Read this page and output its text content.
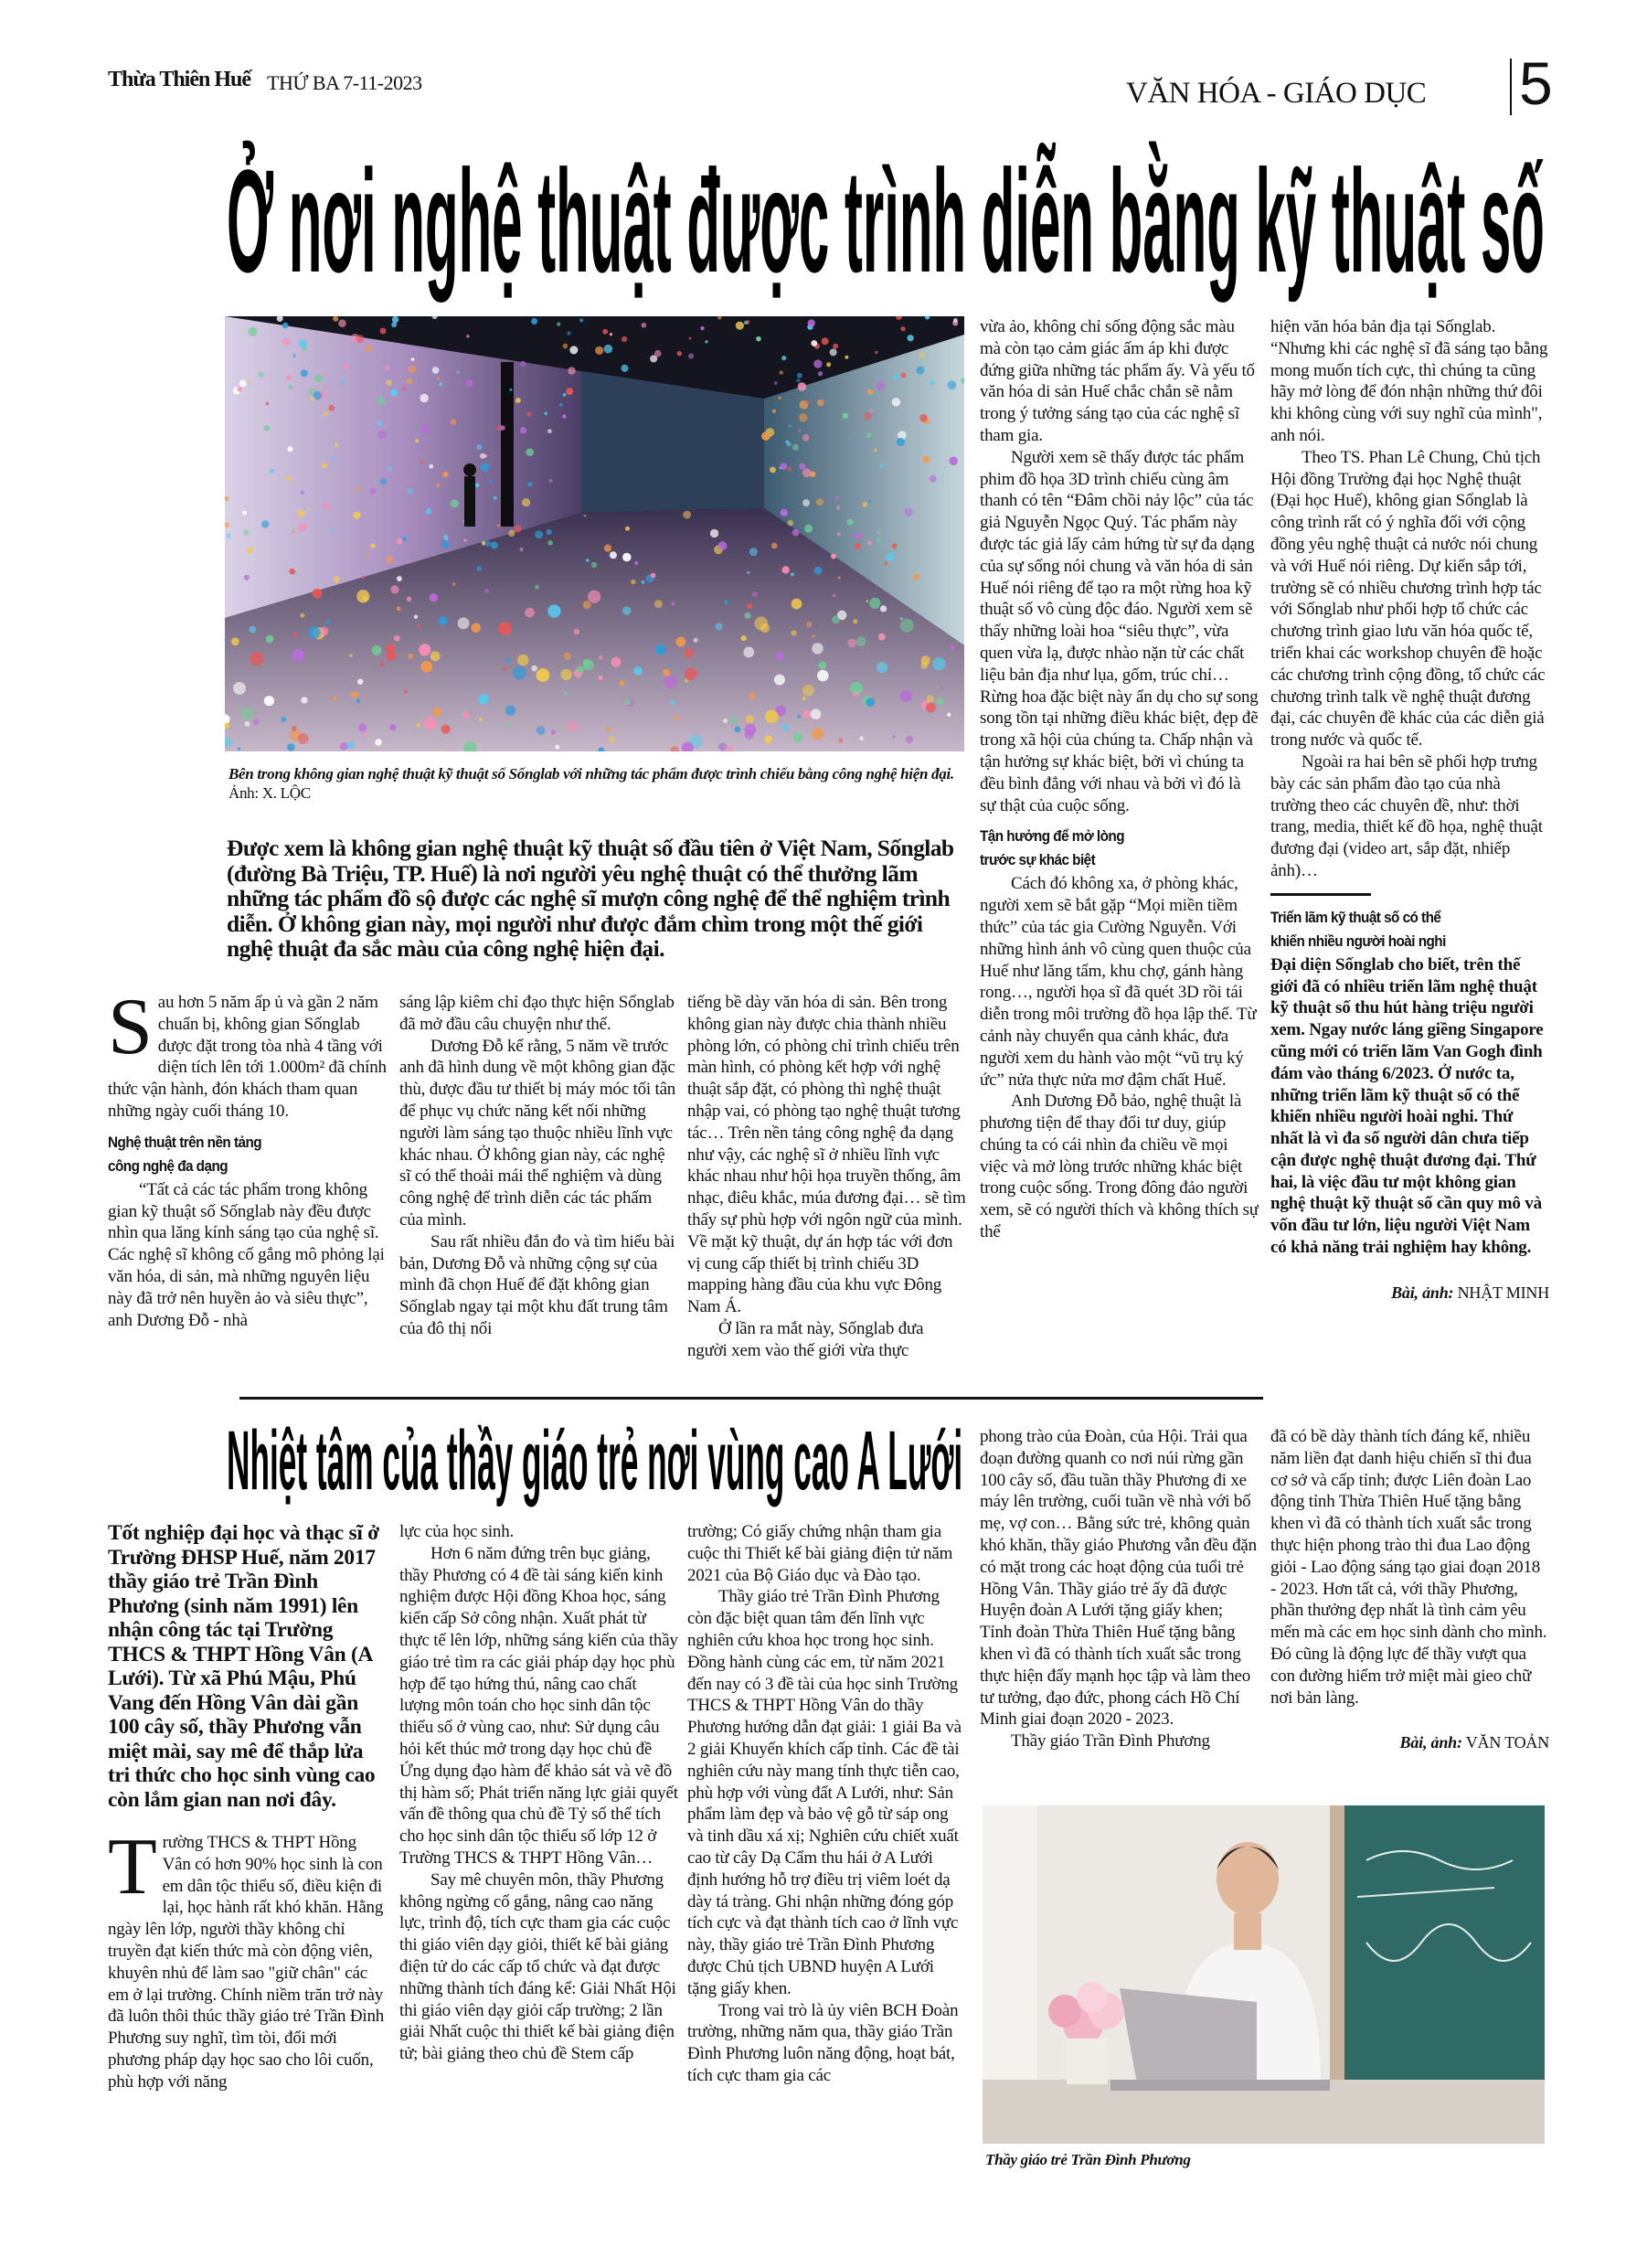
Thừa Thiên Huế THỨ BA 7-11-2023	VĂN HÓA - GIÁO DỤC 5
Ở nơi nghệ thuật được trình diễn bằng kỹ thuật số
Bên trong không gian nghệ thuật kỹ thuật số Sốnglab với những tác phẩm được trình chiếu bằng công nghệ hiện đại. Ảnh: X. LỘC
Được xem là không gian nghệ thuật kỹ thuật số đầu tiên ở Việt Nam, Sốnglab (đường Bà Triệu, TP. Huế) là nơi người yêu nghệ thuật có thể thưởng lãm những tác phẩm đồ sộ được các nghệ sĩ mượn công nghệ để thể nghiệm trình diễn. Ở không gian này, mọi người như được đắm chìm trong một thế giới nghệ thuật đa sắc màu của công nghệ hiện đại.

Sau hơn 5 năm ấp ủ và gần 2 năm chuẩn bị, không gian Sốnglab được đặt trong tòa nhà 4 tầng với diện tích lên tới 1.000m² đã chính thức vận hành, đón khách tham quan những ngày cuối tháng 10.

Nghệ thuật trên nền tảng
công nghệ đa dạng

“Tất cả các tác phẩm trong không gian kỹ thuật số Sốnglab này đều được nhìn qua lăng kính sáng tạo của nghệ sĩ. Các nghệ sĩ không cố gắng mô phỏng lại văn hóa, di sản, mà những nguyên liệu này đã trở nên huyền ảo và siêu thực”, anh Dương Đỗ - nhà

sáng lập kiêm chỉ đạo thực hiện Sốnglab đã mở đầu câu chuyện như thế.

Dương Đỗ kể rằng, 5 năm về trước anh đã hình dung về một không gian đặc thù, được đầu tư thiết bị máy móc tối tân để phục vụ chức năng kết nối những người làm sáng tạo thuộc nhiều lĩnh vực khác nhau. Ở không gian này, các nghệ sĩ có thể thoải mái thể nghiệm và dùng công nghệ để trình diễn các tác phẩm của mình.

Sau rất nhiều đắn đo và tìm hiểu bài bản, Dương Đỗ và những cộng sự của mình đã chọn Huế để đặt không gian Sốnglab ngay tại một khu đất trung tâm của đô thị nổi

tiếng bề dày văn hóa di sản. Bên trong không gian này được chia thành nhiều phòng lớn, có phòng chỉ trình chiếu trên màn hình, có phòng kết hợp với nghệ thuật sắp đặt, có phòng thì nghệ thuật nhập vai, có phòng tạo nghệ thuật tương tác… Trên nền tảng công nghệ đa dạng như vậy, các nghệ sĩ ở nhiều lĩnh vực khác nhau như hội họa truyền thống, âm nhạc, điêu khắc, múa đương đại… sẽ tìm thấy sự phù hợp với ngôn ngữ của mình. Về mặt kỹ thuật, dự án hợp tác với đơn vị cung cấp thiết bị trình chiếu 3D mapping hàng đầu của khu vực Đông Nam Á.

Ở lần ra mắt này, Sốnglab đưa người xem vào thế giới vừa thực

vừa ảo, không chỉ sống động sắc màu mà còn tạo cảm giác ấm áp khi được đứng giữa những tác phẩm ấy. Và yếu tố văn hóa di sản Huế chắc chắn sẽ nằm trong ý tưởng sáng tạo của các nghệ sĩ tham gia.

Người xem sẽ thấy được tác phẩm phim đồ họa 3D trình chiếu cùng âm thanh có tên “Đâm chồi nảy lộc” của tác giả Nguyễn Ngọc Quý. Tác phẩm này được tác giả lấy cảm hứng từ sự đa dạng của sự sống nói chung và văn hóa di sản Huế nói riêng để tạo ra một rừng hoa kỹ thuật số vô cùng độc đáo. Người xem sẽ thấy những loài hoa “siêu thực”, vừa quen vừa lạ, được nhào nặn từ các chất liệu bản địa như lụa, gốm, trúc chỉ… Rừng hoa đặc biệt này ẩn dụ cho sự song song tồn tại những điều khác biệt, đẹp đẽ trong xã hội của chúng ta. Chấp nhận và tận hưởng sự khác biệt, bởi vì chúng ta đều bình đẳng với nhau và bởi vì đó là sự thật của cuộc sống.

Tận hưởng để mở lòng
trước sự khác biệt

Cách đó không xa, ở phòng khác, người xem sẽ bắt gặp “Mọi miền tiềm thức” của tác gia Cường Nguyễn. Với những hình ảnh vô cùng quen thuộc của Huế như lăng tẩm, khu chợ, gánh hàng rong…, người họa sĩ đã quét 3D rồi tái diễn trong môi trường đồ họa lập thể. Từ cảnh này chuyển qua cảnh khác, đưa người xem du hành vào một “vũ trụ ký ức” nửa thực nửa mơ đậm chất Huế.

Anh Dương Đỗ bảo, nghệ thuật là phương tiện để thay đổi tư duy, giúp chúng ta có cái nhìn đa chiều về mọi việc và mở lòng trước những khác biệt trong cuộc sống. Trong đông đảo người xem, sẽ có người thích và không thích sự thể

hiện văn hóa bản địa tại Sốnglab. “Nhưng khi các nghệ sĩ đã sáng tạo bằng mong muốn tích cực, thì chúng ta cũng hãy mở lòng để đón nhận những thứ đôi khi không cùng với suy nghĩ của mình", anh nói.

Theo TS. Phan Lê Chung, Chủ tịch Hội đồng Trường đại học Nghệ thuật (Đại học Huế), không gian Sốnglab là công trình rất có ý nghĩa đối với cộng đồng yêu nghệ thuật cả nước nói chung và với Huế nói riêng. Dự kiến sắp tới, trường sẽ có nhiều chương trình hợp tác với Sốnglab như phối hợp tổ chức các chương trình giao lưu văn hóa quốc tế, triển khai các workshop chuyên đề hoặc các chương trình cộng đồng, tổ chức các chương trình talk về nghệ thuật đương đại, các chuyên đề khác của các diễn giả trong nước và quốc tế.

Ngoài ra hai bên sẽ phối hợp trưng bày các sản phẩm đào tạo của nhà trường theo các chuyên đề, như: thời trang, media, thiết kế đồ họa, nghệ thuật đương đại (video art, sắp đặt, nhiếp ảnh)…

Triển lãm kỹ thuật số có thể
khiến nhiều người hoài nghi

Đại diện Sốnglab cho biết, trên thế giới đã có nhiều triển lãm nghệ thuật kỹ thuật số thu hút hàng triệu người xem. Ngay nước láng giềng Singapore cũng mới có triển lãm Van Gogh đình đám vào tháng 6/2023. Ở nước ta, những triển lãm kỹ thuật số có thể khiến nhiều người hoài nghi. Thứ nhất là vì đa số người dân chưa tiếp cận được nghệ thuật đương đại. Thứ hai, là việc đầu tư một không gian nghệ thuật kỹ thuật số cần quy mô và vốn đầu tư lớn, liệu người Việt Nam có khả năng trải nghiệm hay không.

Bài, ảnh: NHẬT MINH
Nhiệt tâm của thầy giáo trẻ nơi vùng cao A Lưới

Tốt nghiệp đại học và thạc sĩ ở Trường ĐHSP Huế, năm 2017 thầy giáo trẻ Trần Đình Phương (sinh năm 1991) lên nhận công tác tại Trường THCS & THPT Hồng Vân (A Lưới). Từ xã Phú Mậu, Phú Vang đến Hồng Vân dài gần 100 cây số, thầy Phương vẫn miệt mài, say mê để thắp lửa tri thức cho học sinh vùng cao còn lắm gian nan nơi đây.

Trường THCS & THPT Hồng Vân có hơn 90% học sinh là con em dân tộc thiểu số, điều kiện đi lại, học hành rất khó khăn. Hằng ngày lên lớp, người thầy không chỉ truyền đạt kiến thức mà còn động viên, khuyên nhủ để làm sao "giữ chân" các em ở lại trường. Chính niềm trăn trở này đã luôn thôi thúc thầy giáo trẻ Trần Đình Phương suy nghĩ, tìm tòi, đổi mới phương pháp dạy học sao cho lôi cuốn, phù hợp với năng

lực của học sinh.

Hơn 6 năm đứng trên bục giảng, thầy Phương có 4 đề tài sáng kiến kinh nghiệm được Hội đồng Khoa học, sáng kiến cấp Sở công nhận. Xuất phát từ thực tế lên lớp, những sáng kiến của thầy giáo trẻ tìm ra các giải pháp dạy học phù hợp để tạo hứng thú, nâng cao chất lượng môn toán cho học sinh dân tộc thiểu số ở vùng cao, như: Sử dụng câu hỏi kết thúc mở trong dạy học chủ đề Ứng dụng đạo hàm để khảo sát và vẽ đồ thị hàm số; Phát triển năng lực giải quyết vấn đề thông qua chủ đề Tỷ số thể tích cho học sinh dân tộc thiểu số lớp 12 ở Trường THCS & THPT Hồng Vân…

Say mê chuyên môn, thầy Phương không ngừng cố gắng, nâng cao năng lực, trình độ, tích cực tham gia các cuộc thi giáo viên dạy giỏi, thiết kế bài giảng điện tử do các cấp tổ chức và đạt được những thành tích đáng kể: Giải Nhất Hội thi giáo viên dạy giỏi cấp trường; 2 lần giải Nhất cuộc thi thiết kế bài giảng điện tử; bài giảng theo chủ đề Stem cấp

trường; Có giấy chứng nhận tham gia cuộc thi Thiết kế bài giảng điện tử năm 2021 của Bộ Giáo dục và Đào tạo.

Thầy giáo trẻ Trần Đình Phương còn đặc biệt quan tâm đến lĩnh vực nghiên cứu khoa học trong học sinh. Đồng hành cùng các em, từ năm 2021 đến nay có 3 đề tài của học sinh Trường THCS & THPT Hồng Vân do thầy Phương hướng dẫn đạt giải: 1 giải Ba và 2 giải Khuyến khích cấp tỉnh. Các đề tài nghiên cứu này mang tính thực tiễn cao, phù hợp với vùng đất A Lưới, như: Sản phẩm làm đẹp và bảo vệ gỗ từ sáp ong và tinh dầu xá xị; Nghiên cứu chiết xuất cao từ cây Dạ Cẩm thu hái ở A Lưới định hướng hỗ trợ điều trị viêm loét dạ dày tá tràng. Ghi nhận những đóng góp tích cực và đạt thành tích cao ở lĩnh vực này, thầy giáo trẻ Trần Đình Phương được Chủ tịch UBND huyện A Lưới tặng giấy khen.

Trong vai trò là ủy viên BCH Đoàn trường, những năm qua, thầy giáo Trần Đình Phương luôn năng động, hoạt bát, tích cực tham gia các

phong trào của Đoàn, của Hội. Trải qua đoạn đường quanh co nơi núi rừng gần 100 cây số, đầu tuần thầy Phương đi xe máy lên trường, cuối tuần về nhà với bố mẹ, vợ con… Bằng sức trẻ, không quản khó khăn, thầy giáo Phương vẫn đều đặn có mặt trong các hoạt động của tuổi trẻ Hồng Vân. Thầy giáo trẻ ấy đã được Huyện đoàn A Lưới tặng giấy khen; Tỉnh đoàn Thừa Thiên Huế tặng bằng khen vì đã có thành tích xuất sắc trong thực hiện đẩy mạnh học tập và làm theo tư tưởng, đạo đức, phong cách Hồ Chí Minh giai đoạn 2020 - 2023.

Thầy giáo Trần Đình Phương

đã có bề dày thành tích đáng kể, nhiều năm liền đạt danh hiệu chiến sĩ thi đua cơ sở và cấp tỉnh; được Liên đoàn Lao động tỉnh Thừa Thiên Huế tặng bằng khen vì đã có thành tích xuất sắc trong thực hiện phong trào thi đua Lao động giỏi - Lao động sáng tạo giai đoạn 2018 - 2023. Hơn tất cả, với thầy Phương, phần thưởng đẹp nhất là tình cảm yêu mến mà các em học sinh dành cho mình. Đó cũng là động lực để thầy vượt qua con đường hiểm trở miệt mài gieo chữ nơi bản làng.

Bài, ảnh: VĂN TOẢN
Thầy giáo trẻ Trần Đình Phương
